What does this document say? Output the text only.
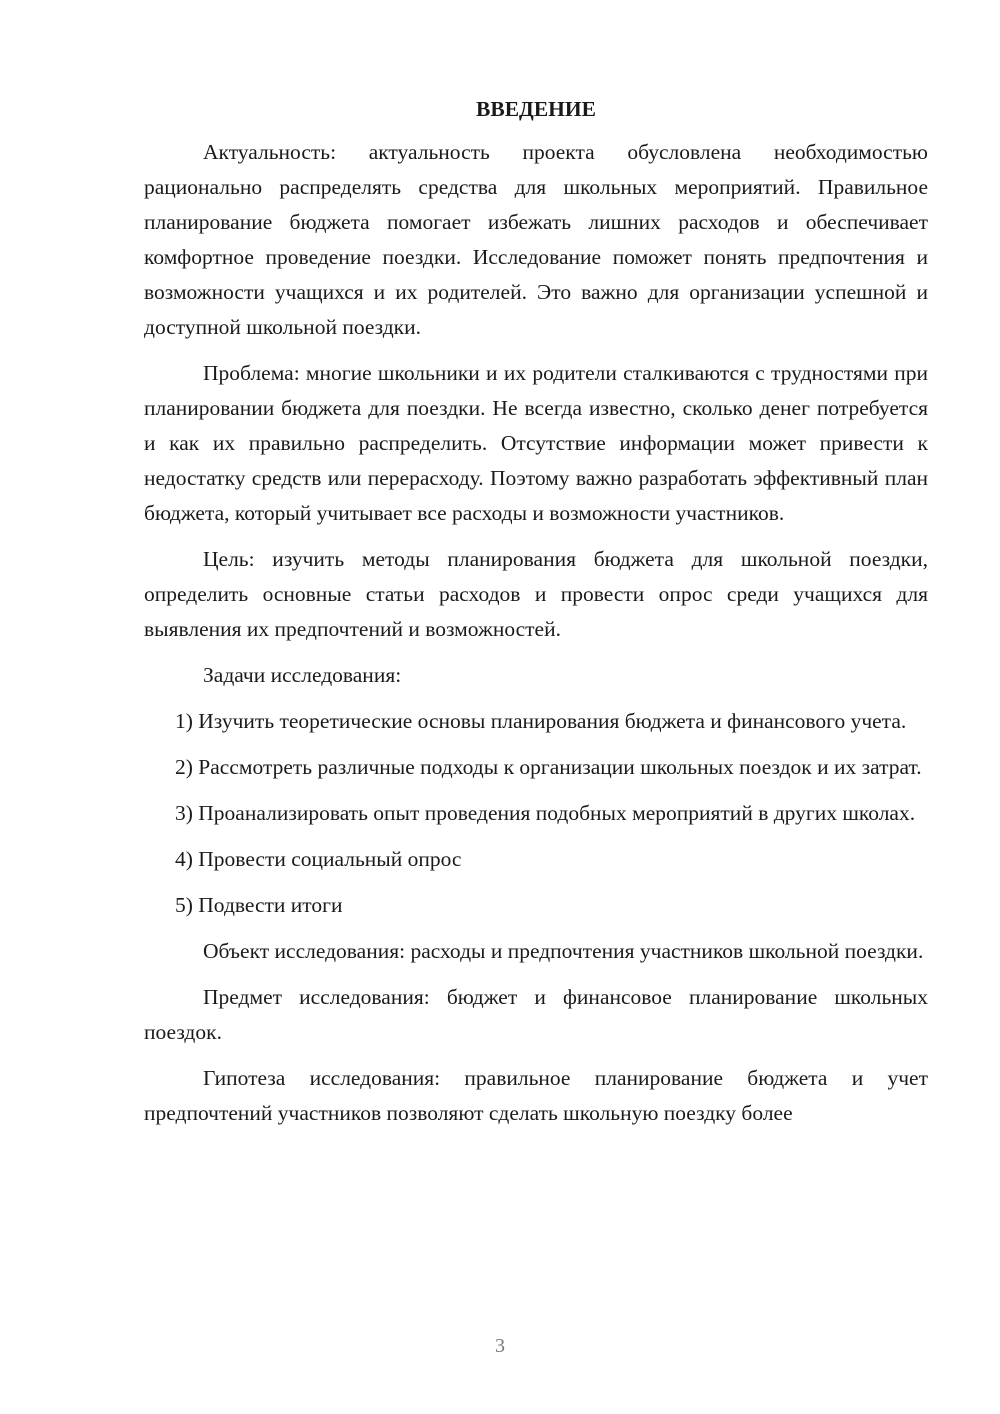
ВВЕДЕНИЕ

Актуальность: актуальность проекта обусловлена необходимостью рационально распределять средства для школьных мероприятий. Правильное планирование бюджета помогает избежать лишних расходов и обеспечивает комфортное проведение поездки. Исследование поможет понять предпочтения и возможности учащихся и их родителей. Это важно для организации успешной и доступной школьной поездки.

Проблема: многие школьники и их родители сталкиваются с трудностями при планировании бюджета для поездки. Не всегда известно, сколько денег потребуется и как их правильно распределить. Отсутствие информации может привести к недостатку средств или перерасходу. Поэтому важно разработать эффективный план бюджета, который учитывает все расходы и возможности участников.

Цель: изучить методы планирования бюджета для школьной поездки, определить основные статьи расходов и провести опрос среди учащихся для выявления их предпочтений и возможностей.

Задачи исследования:

1) Изучить теоретические основы планирования бюджета и финансового учета.

2) Рассмотреть различные подходы к организации школьных поездок и их затрат.

3) Проанализировать опыт проведения подобных мероприятий в других школах.

4) Провести социальный опрос

5) Подвести итоги

Объект исследования: расходы и предпочтения участников школьной поездки.

Предмет исследования: бюджет и финансовое планирование школьных поездок.

Гипотеза исследования: правильное планирование бюджета и учет предпочтений участников позволяют сделать школьную поездку более

3
